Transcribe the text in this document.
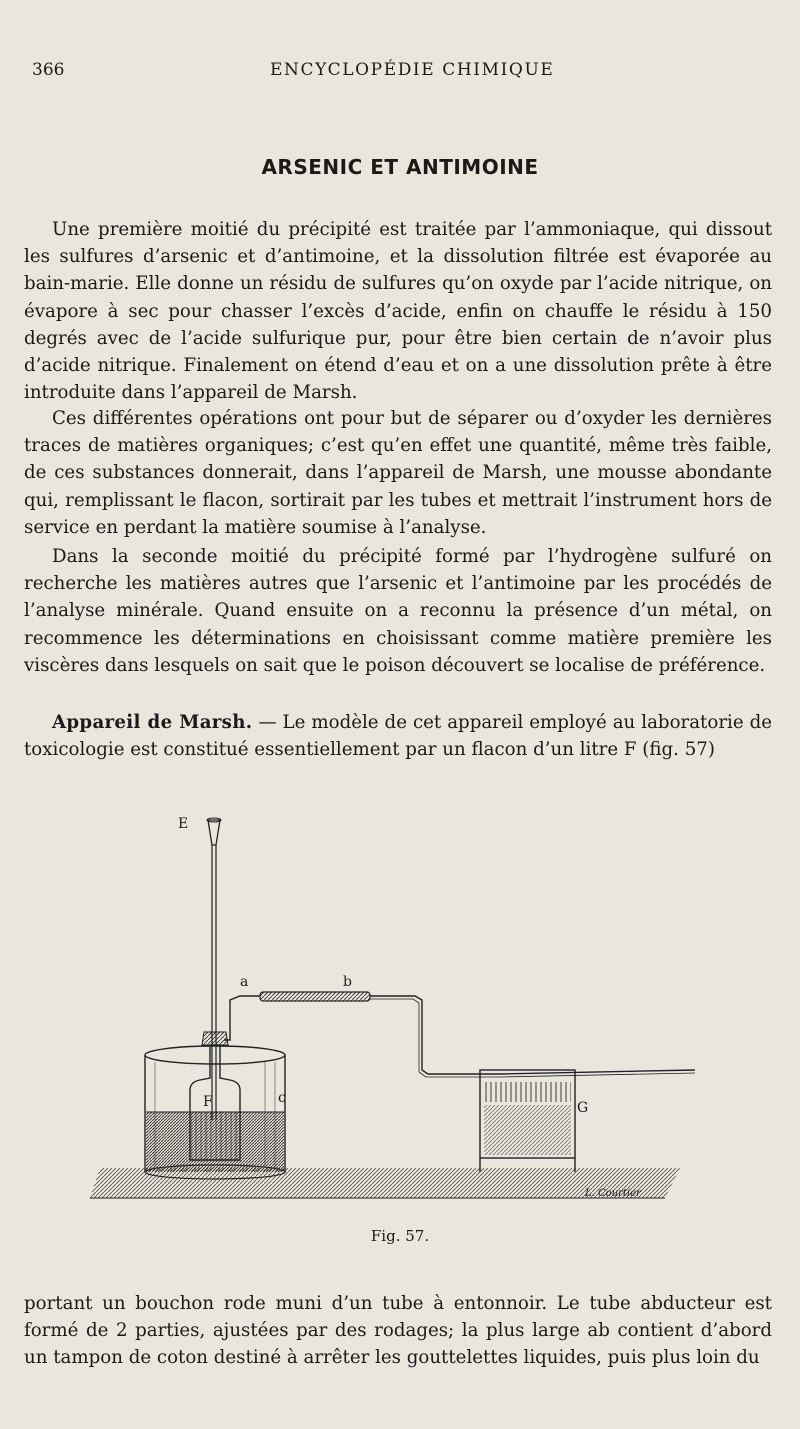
366	ENCYCLOPÉDIE CHIMIQUE
ARSENIC ET ANTIMOINE
Une première moitié du précipité est traitée par l’ammoniaque, qui dissout les sulfures d’arsenic et d’antimoine, et la dissolution filtrée est évaporée au bain-marie. Elle donne un résidu de sulfures qu’on oxyde par l’acide nitrique, on évapore à sec pour chasser l’excès d’acide, enfin on chauffe le résidu à 150 degrés avec de l’acide sulfurique pur, pour être bien certain de n’avoir plus d’acide nitrique. Finalement on étend d’eau et on a une dissolution prête à être introduite dans l’appareil de Marsh.
Ces différentes opérations ont pour but de séparer ou d’oxyder les dernières traces de matières organiques; c’est qu’en effet une quantité, même très faible, de ces substances donnerait, dans l’appareil de Marsh, une mousse abondante qui, remplissant le flacon, sortirait par les tubes et mettrait l’instrument hors de service en perdant la matière soumise à l’analyse.
Dans la seconde moitié du précipité formé par l’hydrogène sulfuré on recherche les matières autres que l’arsenic et l’antimoine par les procédés de l’analyse minérale. Quand ensuite on a reconnu la présence d’un métal, on recommence les déterminations en choisissant comme matière première les viscères dans lesquels on sait que le poison découvert se localise de préférence.
Appareil de Marsh. — Le modèle de cet appareil employé au laboratorie de toxicologie est constitué essentiellement par un flacon d’un litre F (fig. 57)
E
a	b
F	c
G
L. Courtier
Fig. 57.
portant un bouchon rode muni d’un tube à entonnoir. Le tube abducteur est formé de 2 parties, ajustées par des rodages; la plus large ab contient d’abord un tampon de coton destiné à arrêter les gouttelettes liquides, puis plus loin du
